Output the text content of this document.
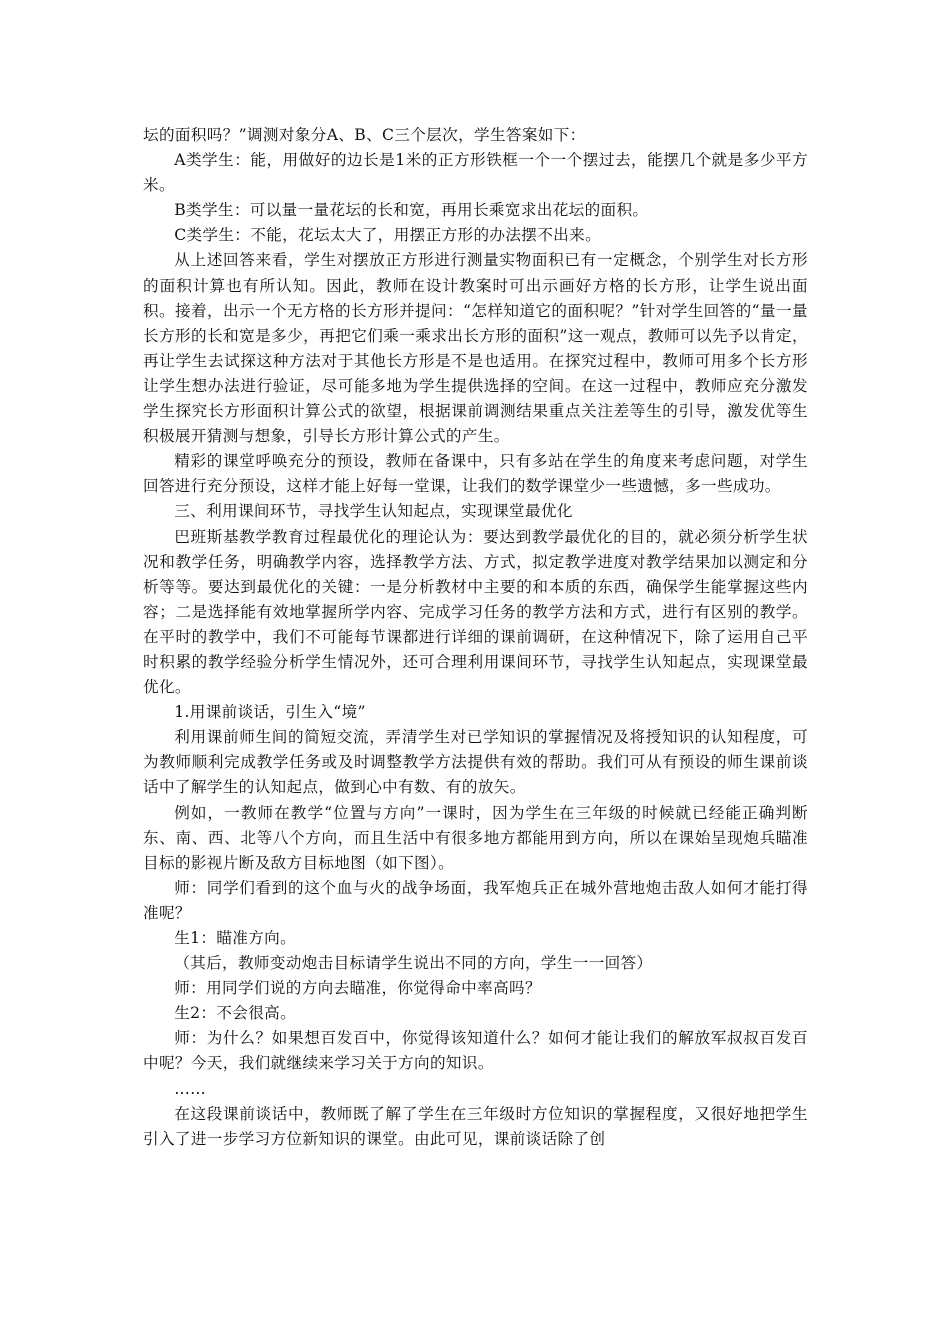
坛的面积吗？”调测对象分A、B、C三个层次，学生答案如下：

A类学生：能，用做好的边长是1米的正方形铁框一个一个摆过去，能摆几个就是多少平方米。

B类学生：可以量一量花坛的长和宽，再用长乘宽求出花坛的面积。

C类学生：不能，花坛太大了，用摆正方形的办法摆不出来。

从上述回答来看，学生对摆放正方形进行测量实物面积已有一定概念，个别学生对长方形的面积计算也有所认知。因此，教师在设计教案时可出示画好方格的长方形，让学生说出面积。接着，出示一个无方格的长方形并提问：“怎样知道它的面积呢？”针对学生回答的“量一量长方形的长和宽是多少，再把它们乘一乘求出长方形的面积”这一观点，教师可以先予以肯定，再让学生去试探这种方法对于其他长方形是不是也适用。在探究过程中，教师可用多个长方形让学生想办法进行验证，尽可能多地为学生提供选择的空间。在这一过程中，教师应充分激发学生探究长方形面积计算公式的欲望，根据课前调测结果重点关注差等生的引导，激发优等生积极展开猜测与想象，引导长方形计算公式的产生。

精彩的课堂呼唤充分的预设，教师在备课中，只有多站在学生的角度来考虑问题，对学生回答进行充分预设，这样才能上好每一堂课，让我们的数学课堂少一些遗憾，多一些成功。

三、利用课间环节，寻找学生认知起点，实现课堂最优化

巴班斯基教学教育过程最优化的理论认为：要达到教学最优化的目的，就必须分析学生状况和教学任务，明确教学内容，选择教学方法、方式，拟定教学进度对教学结果加以测定和分析等等。要达到最优化的关键：一是分析教材中主要的和本质的东西，确保学生能掌握这些内容；二是选择能有效地掌握所学内容、完成学习任务的教学方法和方式，进行有区别的教学。在平时的教学中，我们不可能每节课都进行详细的课前调研，在这种情况下，除了运用自己平时积累的教学经验分析学生情况外，还可合理利用课间环节，寻找学生认知起点，实现课堂最优化。

1.用课前谈话，引生入“境”

利用课前师生间的简短交流，弄清学生对已学知识的掌握情况及将授知识的认知程度，可为教师顺利完成教学任务或及时调整教学方法提供有效的帮助。我们可从有预设的师生课前谈话中了解学生的认知起点，做到心中有数、有的放矢。

例如，一教师在教学“位置与方向”一课时，因为学生在三年级的时候就已经能正确判断东、南、西、北等八个方向，而且生活中有很多地方都能用到方向，所以在课始呈现炮兵瞄准目标的影视片断及敌方目标地图（如下图）。

师：同学们看到的这个血与火的战争场面，我军炮兵正在城外营地炮击敌人如何才能打得准呢？

生1：瞄准方向。

（其后，教师变动炮击目标请学生说出不同的方向，学生一一回答）

师：用同学们说的方向去瞄准，你觉得命中率高吗？

生2：不会很高。

师：为什么？如果想百发百中，你觉得该知道什么？如何才能让我们的解放军叔叔百发百中呢？今天，我们就继续来学习关于方向的知识。

……

在这段课前谈话中，教师既了解了学生在三年级时方位知识的掌握程度，又很好地把学生引入了进一步学习方位新知识的课堂。由此可见，课前谈话除了创
